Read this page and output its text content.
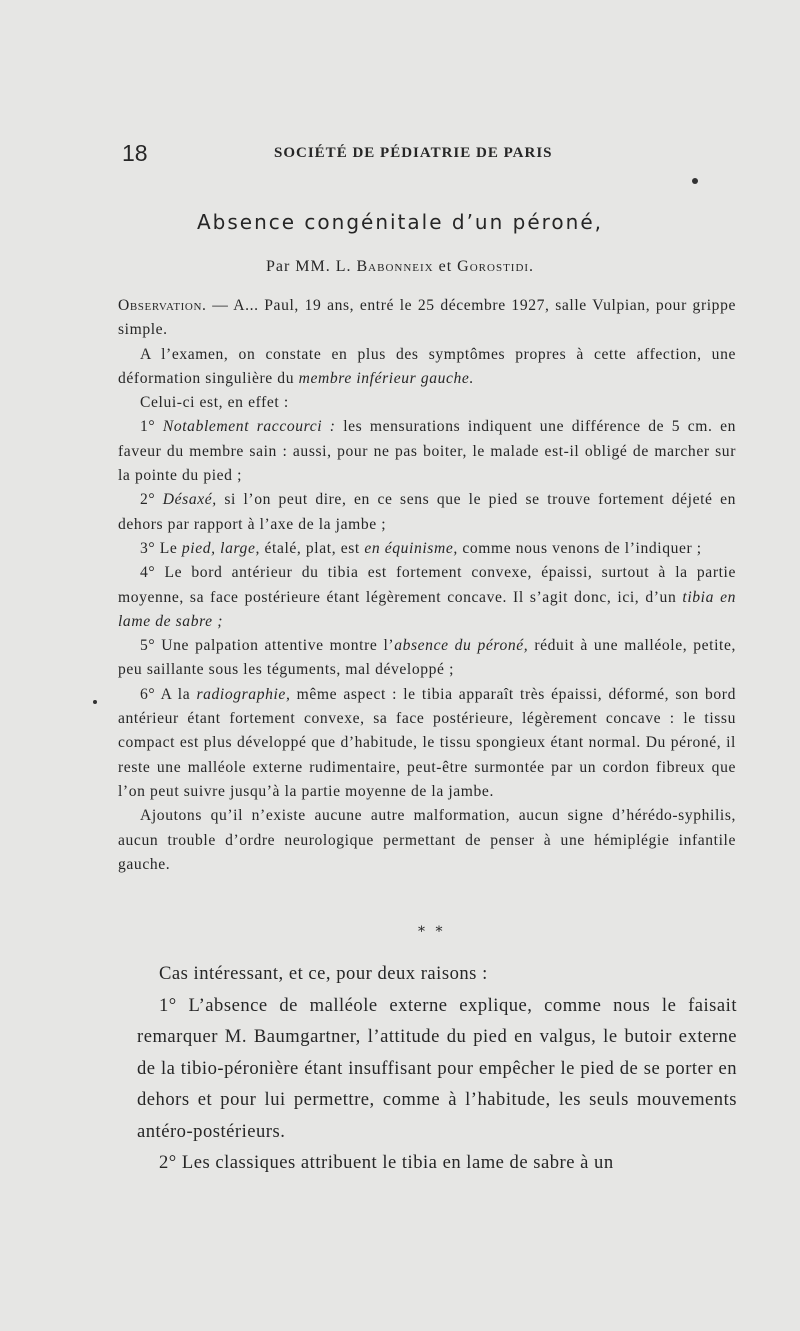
18	SOCIÉTÉ DE PÉDIATRIE DE PARIS
Absence congénitale d’un péroné,
Par MM. L. Babonneix et Gorostidi.

Observation. — A... Paul, 19 ans, entré le 25 décembre 1927, salle Vulpian, pour grippe simple.

A l’examen, on constate en plus des symptômes propres à cette affection, une déformation singulière du membre inférieur gauche.

Celui-ci est, en effet :

1° Notablement raccourci : les mensurations indiquent une différence de 5 cm. en faveur du membre sain : aussi, pour ne pas boiter, le malade est-il obligé de marcher sur la pointe du pied ;

2° Désaxé, si l’on peut dire, en ce sens que le pied se trouve fortement déjeté en dehors par rapport à l’axe de la jambe ;

3° Le pied, large, étalé, plat, est en équinisme, comme nous venons de l’indiquer ;

4° Le bord antérieur du tibia est fortement convexe, épaissi, surtout à la partie moyenne, sa face postérieure étant légèrement concave. Il s’agit donc, ici, d’un tibia en lame de sabre ;

5° Une palpation attentive montre l’absence du péroné, réduit à une malléole, petite, peu saillante sous les téguments, mal développé ;

6° A la radiographie, même aspect : le tibia apparaît très épaissi, déformé, son bord antérieur étant fortement convexe, sa face postérieure, légèrement concave : le tissu compact est plus développé que d’habitude, le tissu spongieux étant normal. Du péroné, il reste une malléole externe rudimentaire, peut-être surmontée par un cordon fibreux que l’on peut suivre jusqu’à la partie moyenne de la jambe.

Ajoutons qu’il n’existe aucune autre malformation, aucun signe d’hérédo-syphilis, aucun trouble d’ordre neurologique permettant de penser à une hémiplégie infantile gauche.

* *

Cas intéressant, et ce, pour deux raisons :

1° L’absence de malléole externe explique, comme nous le faisait remarquer M. Baumgartner, l’attitude du pied en valgus, le butoir externe de la tibio-péronière étant insuffisant pour empêcher le pied de se porter en dehors et pour lui permettre, comme à l’habitude, les seuls mouvements antéro-postérieurs.

2° Les classiques attribuent le tibia en lame de sabre à un
